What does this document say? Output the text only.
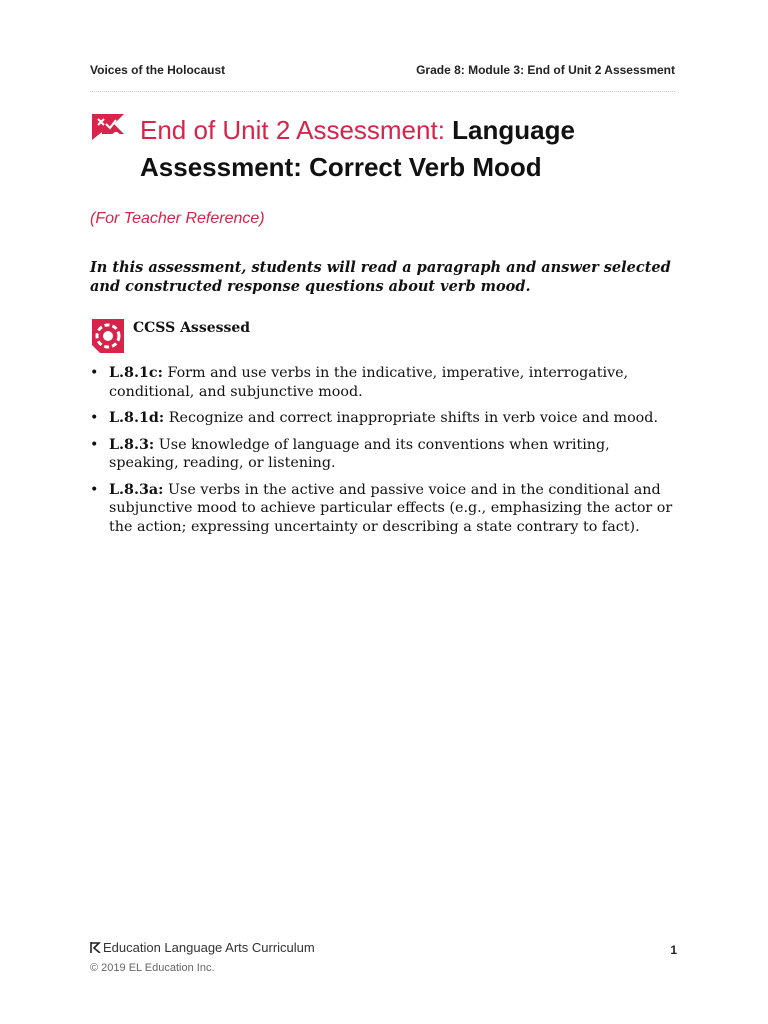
Voices of the Holocaust	Grade 8: Module 3: End of Unit 2 Assessment
End of Unit 2 Assessment: Language Assessment: Correct Verb Mood
(For Teacher Reference)
In this assessment, students will read a paragraph and answer selected and constructed response questions about verb mood.
CCSS Assessed
• L.8.1c: Form and use verbs in the indicative, imperative, interrogative, conditional, and subjunctive mood.
• L.8.1d: Recognize and correct inappropriate shifts in verb voice and mood.
• L.8.3: Use knowledge of language and its conventions when writing, speaking, reading, or listening.
• L.8.3a: Use verbs in the active and passive voice and in the conditional and subjunctive mood to achieve particular effects (e.g., emphasizing the actor or the action; expressing uncertainty or describing a state contrary to fact).
Education Language Arts Curriculum
© 2019 EL Education Inc.
1
